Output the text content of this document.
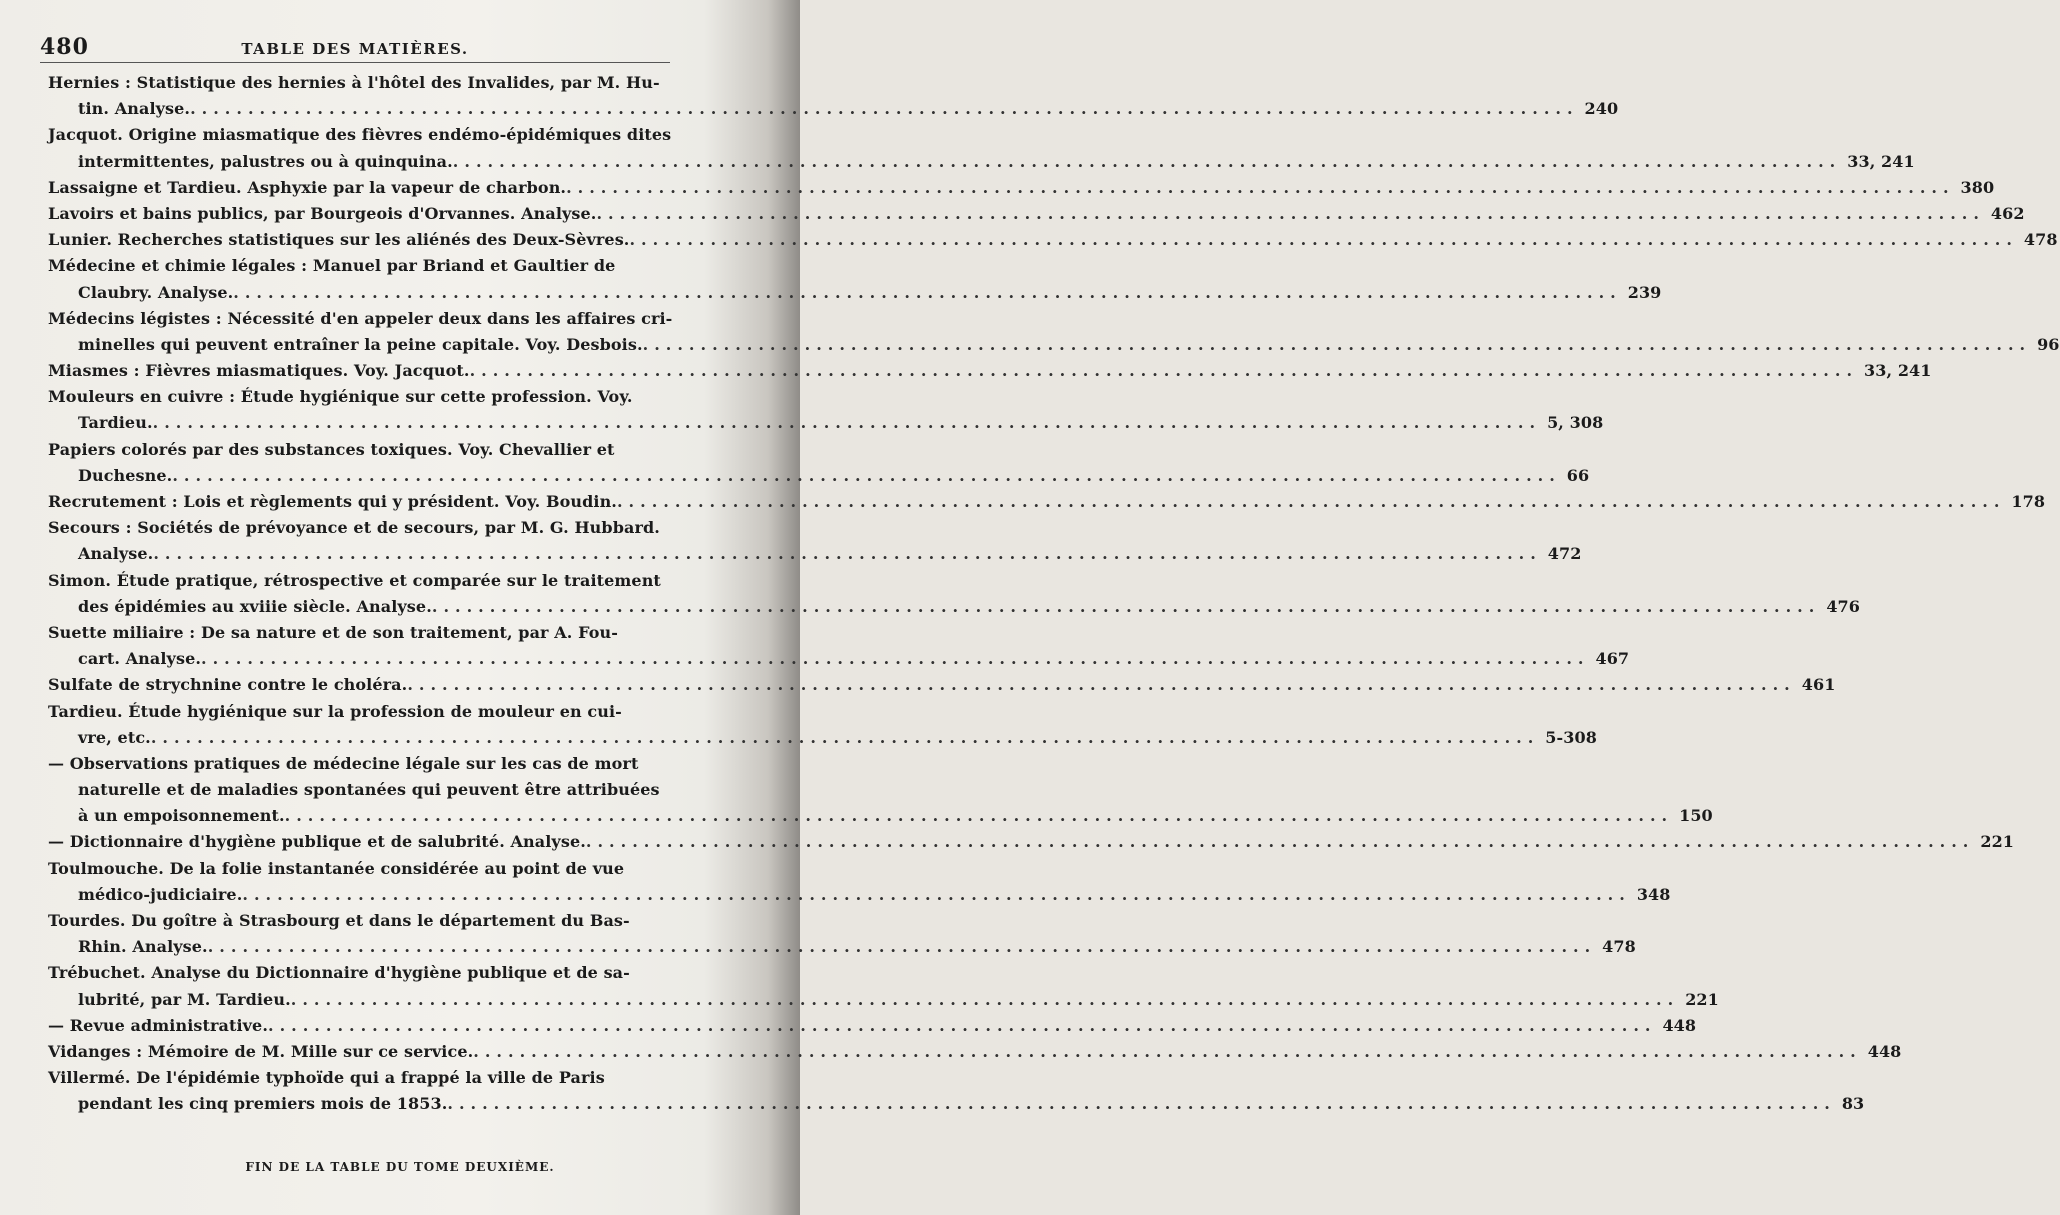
480	TABLE DES MATIÈRES.
Hernies : Statistique des hernies à l'hôtel des Invalides, par M. Hu-
tin. Analyse. ........................................................................................................................ 240
Jacquot. Origine miasmatique des fièvres endémo-épidémiques dites
intermittentes, palustres ou à quinquina. ........................................................................................................................ 33, 241
Lassaigne et Tardieu. Asphyxie par la vapeur de charbon. ........................................................................................................................ 380
Lavoirs et bains publics, par Bourgeois d'Orvannes. Analyse. ........................................................................................................................ 462
Lunier. Recherches statistiques sur les aliénés des Deux-Sèvres. ........................................................................................................................ 478
Médecine et chimie légales : Manuel par Briand et Gaultier de
Claubry. Analyse. ........................................................................................................................ 239
Médecins légistes : Nécessité d'en appeler deux dans les affaires cri-
minelles qui peuvent entraîner la peine capitale. Voy. Desbois. ........................................................................................................................ 96
Miasmes : Fièvres miasmatiques. Voy. Jacquot. ........................................................................................................................ 33, 241
Mouleurs en cuivre : Étude hygiénique sur cette profession. Voy.
Tardieu. ........................................................................................................................ 5, 308
Papiers colorés par des substances toxiques. Voy. Chevallier et
Duchesne. ........................................................................................................................ 66
Recrutement : Lois et règlements qui y président. Voy. Boudin. ........................................................................................................................ 178
Secours : Sociétés de prévoyance et de secours, par M. G. Hubbard.
Analyse. ........................................................................................................................ 472
Simon. Étude pratique, rétrospective et comparée sur le traitement
des épidémies au xviiie siècle. Analyse. ........................................................................................................................ 476
Suette miliaire : De sa nature et de son traitement, par A. Fou-
cart. Analyse. ........................................................................................................................ 467
Sulfate de strychnine contre le choléra. ........................................................................................................................ 461
Tardieu. Étude hygiénique sur la profession de mouleur en cui-
vre, etc. ........................................................................................................................ 5-308
— Observations pratiques de médecine légale sur les cas de mort
naturelle et de maladies spontanées qui peuvent être attribuées
à un empoisonnement. ........................................................................................................................ 150
— Dictionnaire d'hygiène publique et de salubrité. Analyse. ........................................................................................................................ 221
Toulmouche. De la folie instantanée considérée au point de vue
médico-judiciaire. ........................................................................................................................ 348
Tourdes. Du goître à Strasbourg et dans le département du Bas-
Rhin. Analyse. ........................................................................................................................ 478
Trébuchet. Analyse du Dictionnaire d'hygiène publique et de sa-
lubrité, par M. Tardieu. ........................................................................................................................ 221
— Revue administrative. ........................................................................................................................ 448
Vidanges : Mémoire de M. Mille sur ce service. ........................................................................................................................ 448
Villermé. De l'épidémie typhoïde qui a frappé la ville de Paris
pendant les cinq premiers mois de 1853. ........................................................................................................................ 83
FIN DE LA TABLE DU TOME DEUXIÈME.
